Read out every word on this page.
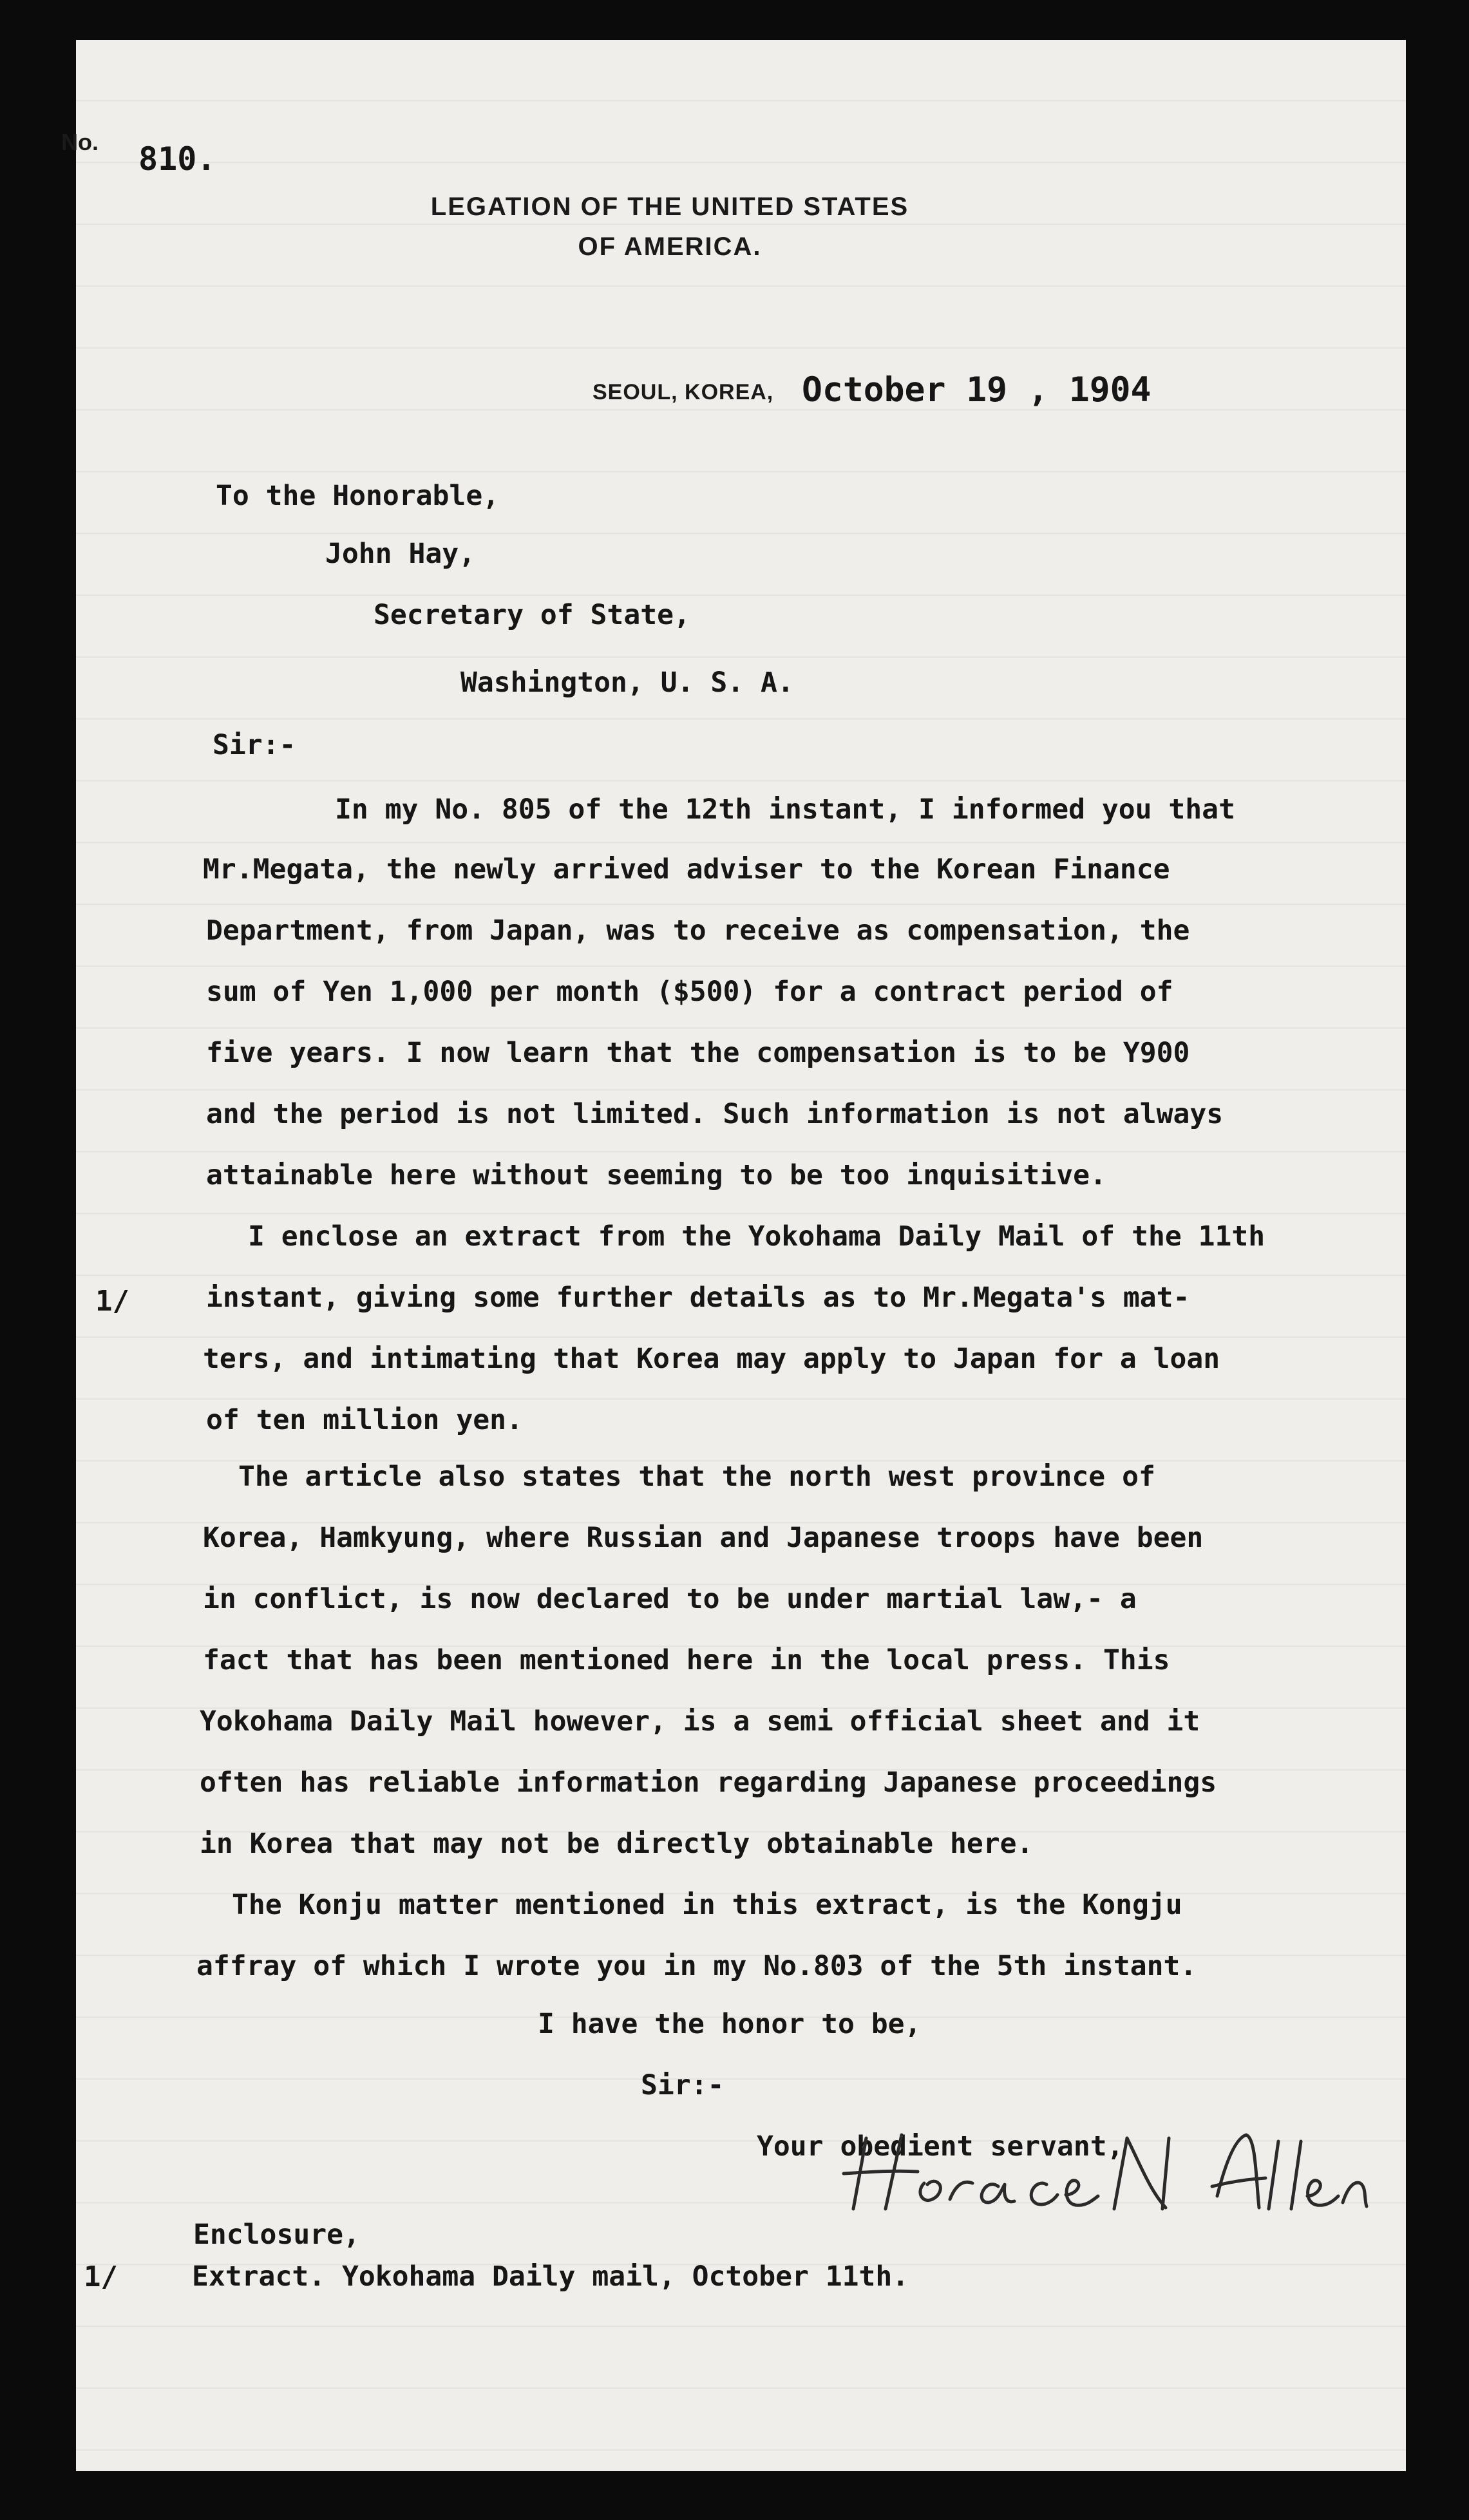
No. 810.

LEGATION OF THE UNITED STATES
OF AMERICA.

SEOUL, KOREA, October 19 , 1904

To the Honorable,

John Hay,

Secretary of State,

Washington, U. S. A.

Sir:-

In my No. 805 of the 12th instant, I informed you that

Mr.Megata, the newly arrived adviser to the Korean Finance

Department, from Japan, was to receive as compensation, the

sum of Yen 1,000 per month ($500) for a contract period of

five years. I now learn that the compensation is to be Y900

and the period is not limited. Such information is not always

attainable here without seeming to be too inquisitive.

I enclose an extract from the Yokohama Daily Mail of the 11th

instant, giving some further details as to Mr.Megata's mat-

ters, and intimating that Korea may apply to Japan for a loan

of ten million yen.

The article also states that the north west province of

Korea, Hamkyung, where Russian and Japanese troops have been

in conflict, is now declared to be under martial law,- a

fact that has been mentioned here in the local press. This

Yokohama Daily Mail however, is a semi official sheet and it

often has reliable information regarding Japanese proceedings

in Korea that may not be directly obtainable here.

The Konju matter mentioned in this extract, is the Kongju

affray of which I wrote you in my No.803 of the 5th instant.

I have the honor to be,

Sir:-

Your obedient servant,

Enclosure,

Extract. Yokohama Daily mail, October 11th.

1/

1/
